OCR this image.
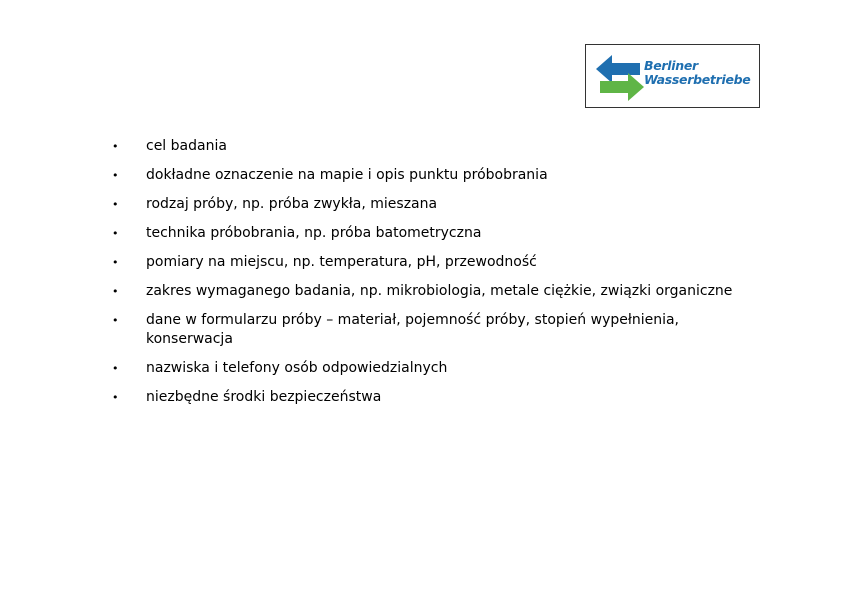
Berliner
Wasserbetriebe
• cel badania
• dokładne oznaczenie na mapie i opis punktu próbobrania
• rodzaj próby, np. próba zwykła, mieszana
• technika próbobrania, np. próba batometryczna
• pomiary na miejscu, np. temperatura, pH, przewodność
• zakres wymaganego badania, np. mikrobiologia, metale ciężkie, związki organiczne
• dane w formularzu próby – materiał, pojemność próby, stopień wypełnienia, konserwacja
• nazwiska i telefony osób odpowiedzialnych
• niezbędne środki bezpieczeństwa
